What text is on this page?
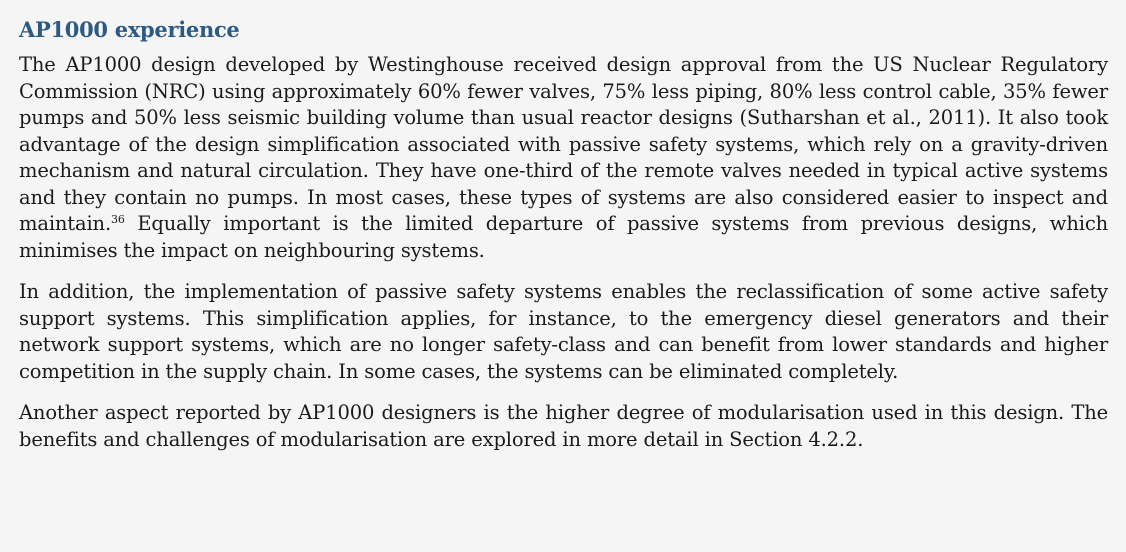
AP1000 experience

The AP1000 design developed by Westinghouse received design approval from the US Nuclear Regulatory Commission (NRC) using approximately 60% fewer valves, 75% less piping, 80% less control cable, 35% fewer pumps and 50% less seismic building volume than usual reactor designs (Sutharshan et al., 2011). It also took advantage of the design simplification associated with passive safety systems, which rely on a gravity-driven mechanism and natural circulation. They have one-third of the remote valves needed in typical active systems and they contain no pumps. In most cases, these types of systems are also considered easier to inspect and maintain.$^{36}$ Equally important is the limited departure of passive systems from previous designs, which minimises the impact on neighbouring systems.

In addition, the implementation of passive safety systems enables the reclassification of some active safety support systems. This simplification applies, for instance, to the emergency diesel generators and their network support systems, which are no longer safety-class and can benefit from lower standards and higher competition in the supply chain. In some cases, the systems can be eliminated completely.

Another aspect reported by AP1000 designers is the higher degree of modularisation used in this design. The benefits and challenges of modularisation are explored in more detail in Section 4.2.2.
